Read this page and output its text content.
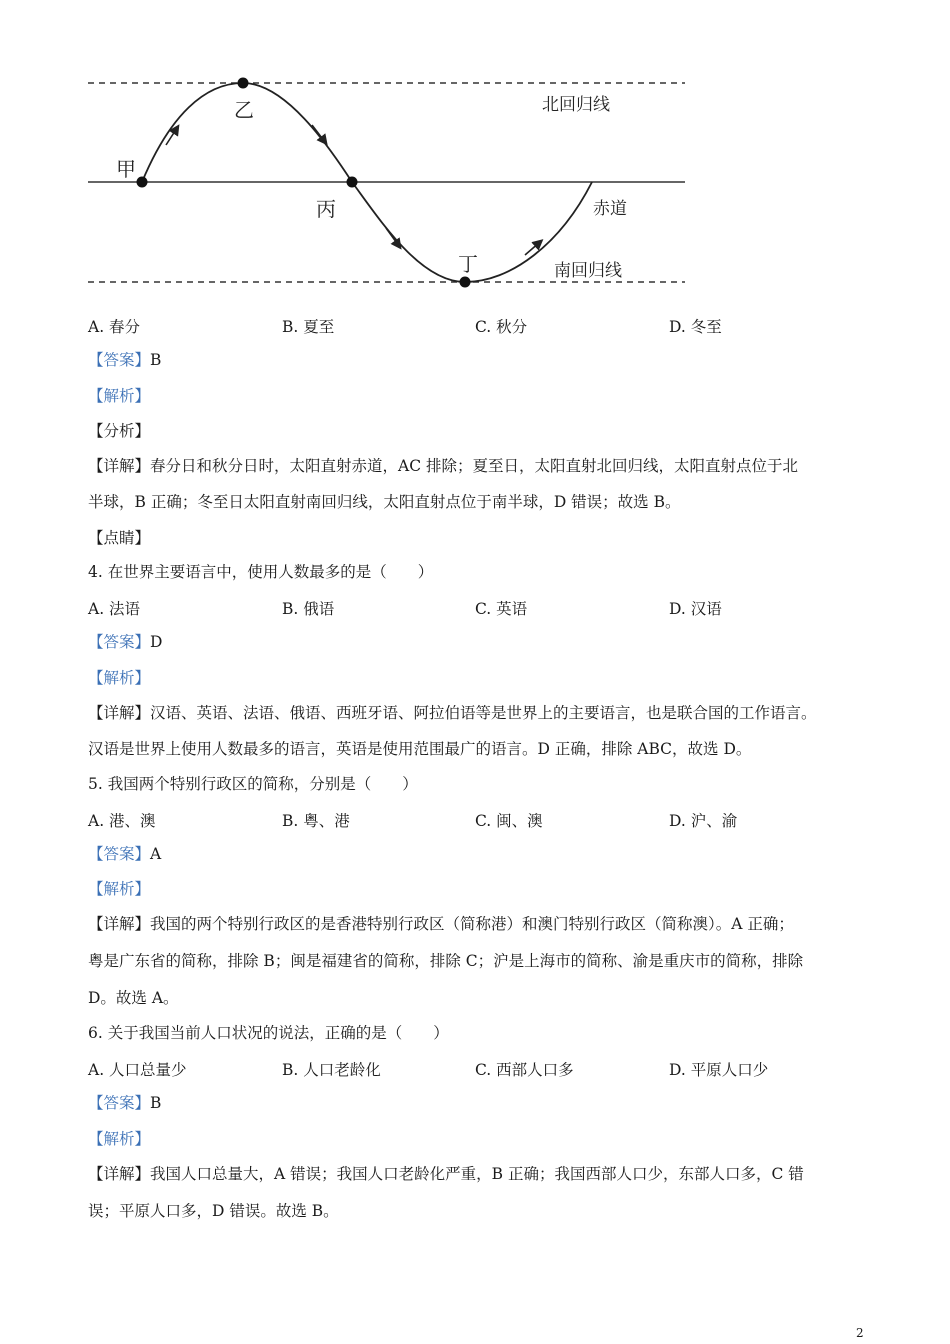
甲
乙
丙
丁
北回归线
赤道
南回归线
A. 春分	B. 夏至	C. 秋分	D. 冬至
【答案】B
【解析】
【分析】
【详解】春分日和秋分日时，太阳直射赤道，AC 排除；夏至日，太阳直射北回归线，太阳直射点位于北
半球，B 正确；冬至日太阳直射南回归线，太阳直射点位于南半球，D 错误；故选 B。
【点睛】
4. 在世界主要语言中，使用人数最多的是（　　）
A. 法语	B. 俄语	C. 英语	D. 汉语
【答案】D
【解析】
【详解】汉语、英语、法语、俄语、西班牙语、阿拉伯语等是世界上的主要语言，也是联合国的工作语言。
汉语是世界上使用人数最多的语言，英语是使用范围最广的语言。D 正确，排除 ABC，故选 D。
5. 我国两个特别行政区的简称，分别是（　　）
A. 港、澳	B. 粤、港	C. 闽、澳	D. 沪、渝
【答案】A
【解析】
【详解】我国的两个特别行政区的是香港特别行政区（简称港）和澳门特别行政区（简称澳）。A 正确；
粤是广东省的简称，排除 B；闽是福建省的简称，排除 C；沪是上海市的简称、渝是重庆市的简称，排除
D。故选 A。
6. 关于我国当前人口状况的说法，正确的是（　　）
A. 人口总量少	B. 人口老龄化	C. 西部人口多	D. 平原人口少
【答案】B
【解析】
【详解】我国人口总量大，A 错误；我国人口老龄化严重，B 正确；我国西部人口少，东部人口多，C 错
误；平原人口多，D 错误。故选 B。
2
